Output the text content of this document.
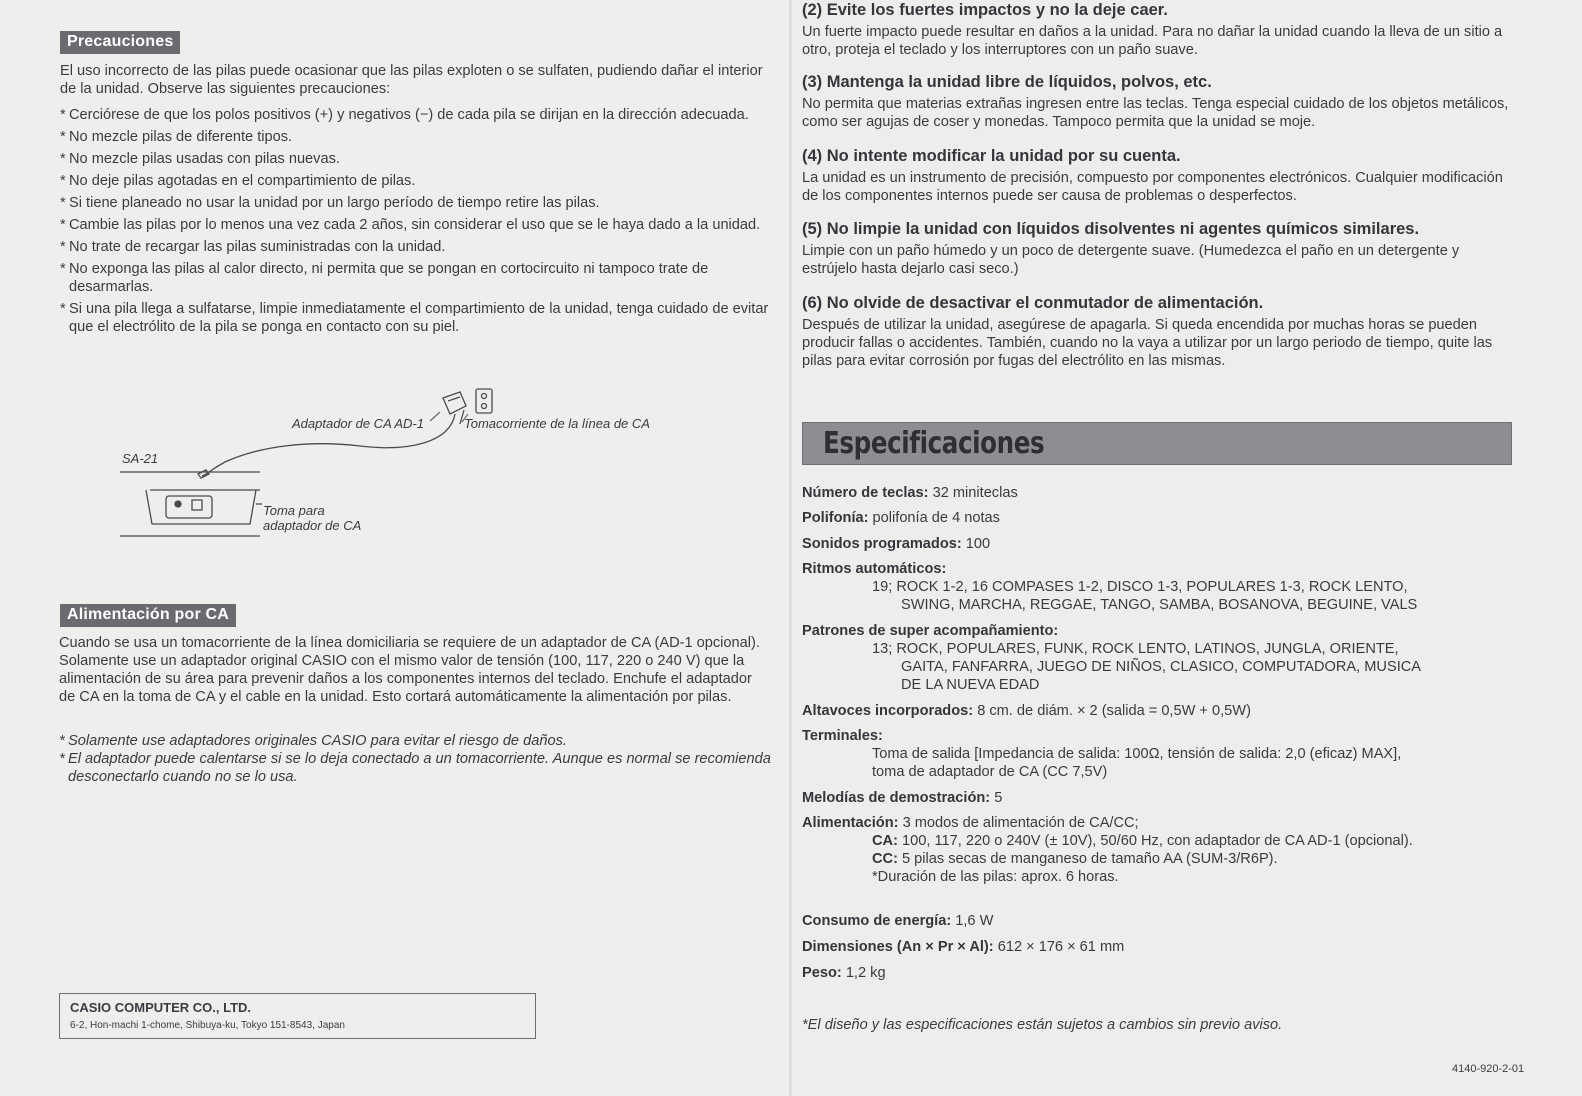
Precauciones

El uso incorrecto de las pilas puede ocasionar que las pilas exploten o se sulfaten, pudiendo dañar el interior de la unidad. Observe las siguientes precauciones:

* Cerciórese de que los polos positivos (+) y negativos (−) de cada pila se dirijan en la dirección adecuada.
* No mezcle pilas de diferente tipos.
* No mezcle pilas usadas con pilas nuevas.
* No deje pilas agotadas en el compartimiento de pilas.
* Si tiene planeado no usar la unidad por un largo período de tiempo retire las pilas.
* Cambie las pilas por lo menos una vez cada 2 años, sin considerar el uso que se le haya dado a la unidad.
* No trate de recargar las pilas suministradas con la unidad.
* No exponga las pilas al calor directo, ni permita que se pongan en cortocircuito ni tampoco trate de desarmarlas.
* Si una pila llega a sulfatarse, limpie inmediatamente el compartimiento de la unidad, tenga cuidado de evitar que el electrólito de la pila se ponga en contacto con su piel.
Adaptador de CA AD-1	Tomacorriente de la línea de CA
SA-21
Toma para
adaptador de CA
Alimentación por CA

Cuando se usa un tomacorriente de la línea domiciliaria se requiere de un adaptador de CA (AD-1 opcional). Solamente use un adaptador original CASIO con el mismo valor de tensión (100, 117, 220 o 240 V) que la alimentación de su área para prevenir daños a los componentes internos del teclado. Enchufe el adaptador de CA en la toma de CA y el cable en la unidad. Esto cortará automáticamente la alimentación por pilas.

* Solamente use adaptadores originales CASIO para evitar el riesgo de daños.
* El adaptador puede calentarse si se lo deja conectado a un tomacorriente. Aunque es normal se recomienda desconectarlo cuando no se lo usa.
CASIO COMPUTER CO., LTD.
6-2, Hon-machi 1-chome, Shibuya-ku, Tokyo 151-8543, Japan
(2) Evite los fuertes impactos y no la deje caer.

Un fuerte impacto puede resultar en daños a la unidad. Para no dañar la unidad cuando la lleva de un sitio a otro, proteja el teclado y los interruptores con un paño suave.

(3) Mantenga la unidad libre de líquidos, polvos, etc.

No permita que materias extrañas ingresen entre las teclas. Tenga especial cuidado de los objetos metálicos, como ser agujas de coser y monedas. Tampoco permita que la unidad se moje.

(4) No intente modificar la unidad por su cuenta.

La unidad es un instrumento de precisión, compuesto por componentes electrónicos. Cualquier modificación de los componentes internos puede ser causa de problemas o desperfectos.

(5) No limpie la unidad con líquidos disolventes ni agentes químicos similares.

Limpie con un paño húmedo y un poco de detergente suave. (Humedezca el paño en un detergente y estrújelo hasta dejarlo casi seco.)

(6) No olvide de desactivar el conmutador de alimentación.

Después de utilizar la unidad, asegúrese de apagarla. Si queda encendida por muchas horas se pueden producir fallas o accidentes. También, cuando no la vaya a utilizar por un largo periodo de tiempo, quite las pilas para evitar corrosión por fugas del electrólito en las mismas.

Especificaciones
Número de teclas: 32 miniteclas
Polifonía: polifonía de 4 notas
Sonidos programados: 100
Ritmos automáticos:
19; ROCK 1-2, 16 COMPASES 1-2, DISCO 1-3, POPULARES 1-3, ROCK LENTO,
SWING, MARCHA, REGGAE, TANGO, SAMBA, BOSANOVA, BEGUINE, VALS
Patrones de super acompañamiento:
13; ROCK, POPULARES, FUNK, ROCK LENTO, LATINOS, JUNGLA, ORIENTE,
GAITA, FANFARRA, JUEGO DE NIÑOS, CLASICO, COMPUTADORA, MUSICA
DE LA NUEVA EDAD
Altavoces incorporados: 8 cm. de diám. × 2 (salida = 0,5W + 0,5W)
Terminales:
Toma de salida [Impedancia de salida: 100Ω, tensión de salida: 2,0 (eficaz) MAX],
toma de adaptador de CA (CC 7,5V)
Melodías de demostración: 5
Alimentación: 3 modos de alimentación de CA/CC;
CA: 100, 117, 220 o 240V (± 10V), 50/60 Hz, con adaptador de CA AD-1 (opcional).
CC: 5 pilas secas de manganeso de tamaño AA (SUM-3/R6P).
*Duración de las pilas: aprox. 6 horas.
Consumo de energía: 1,6 W
Dimensiones (An × Pr × Al): 612 × 176 × 61 mm
Peso: 1,2 kg
*El diseño y las especificaciones están sujetos a cambios sin previo aviso.
4140-920-2-01
